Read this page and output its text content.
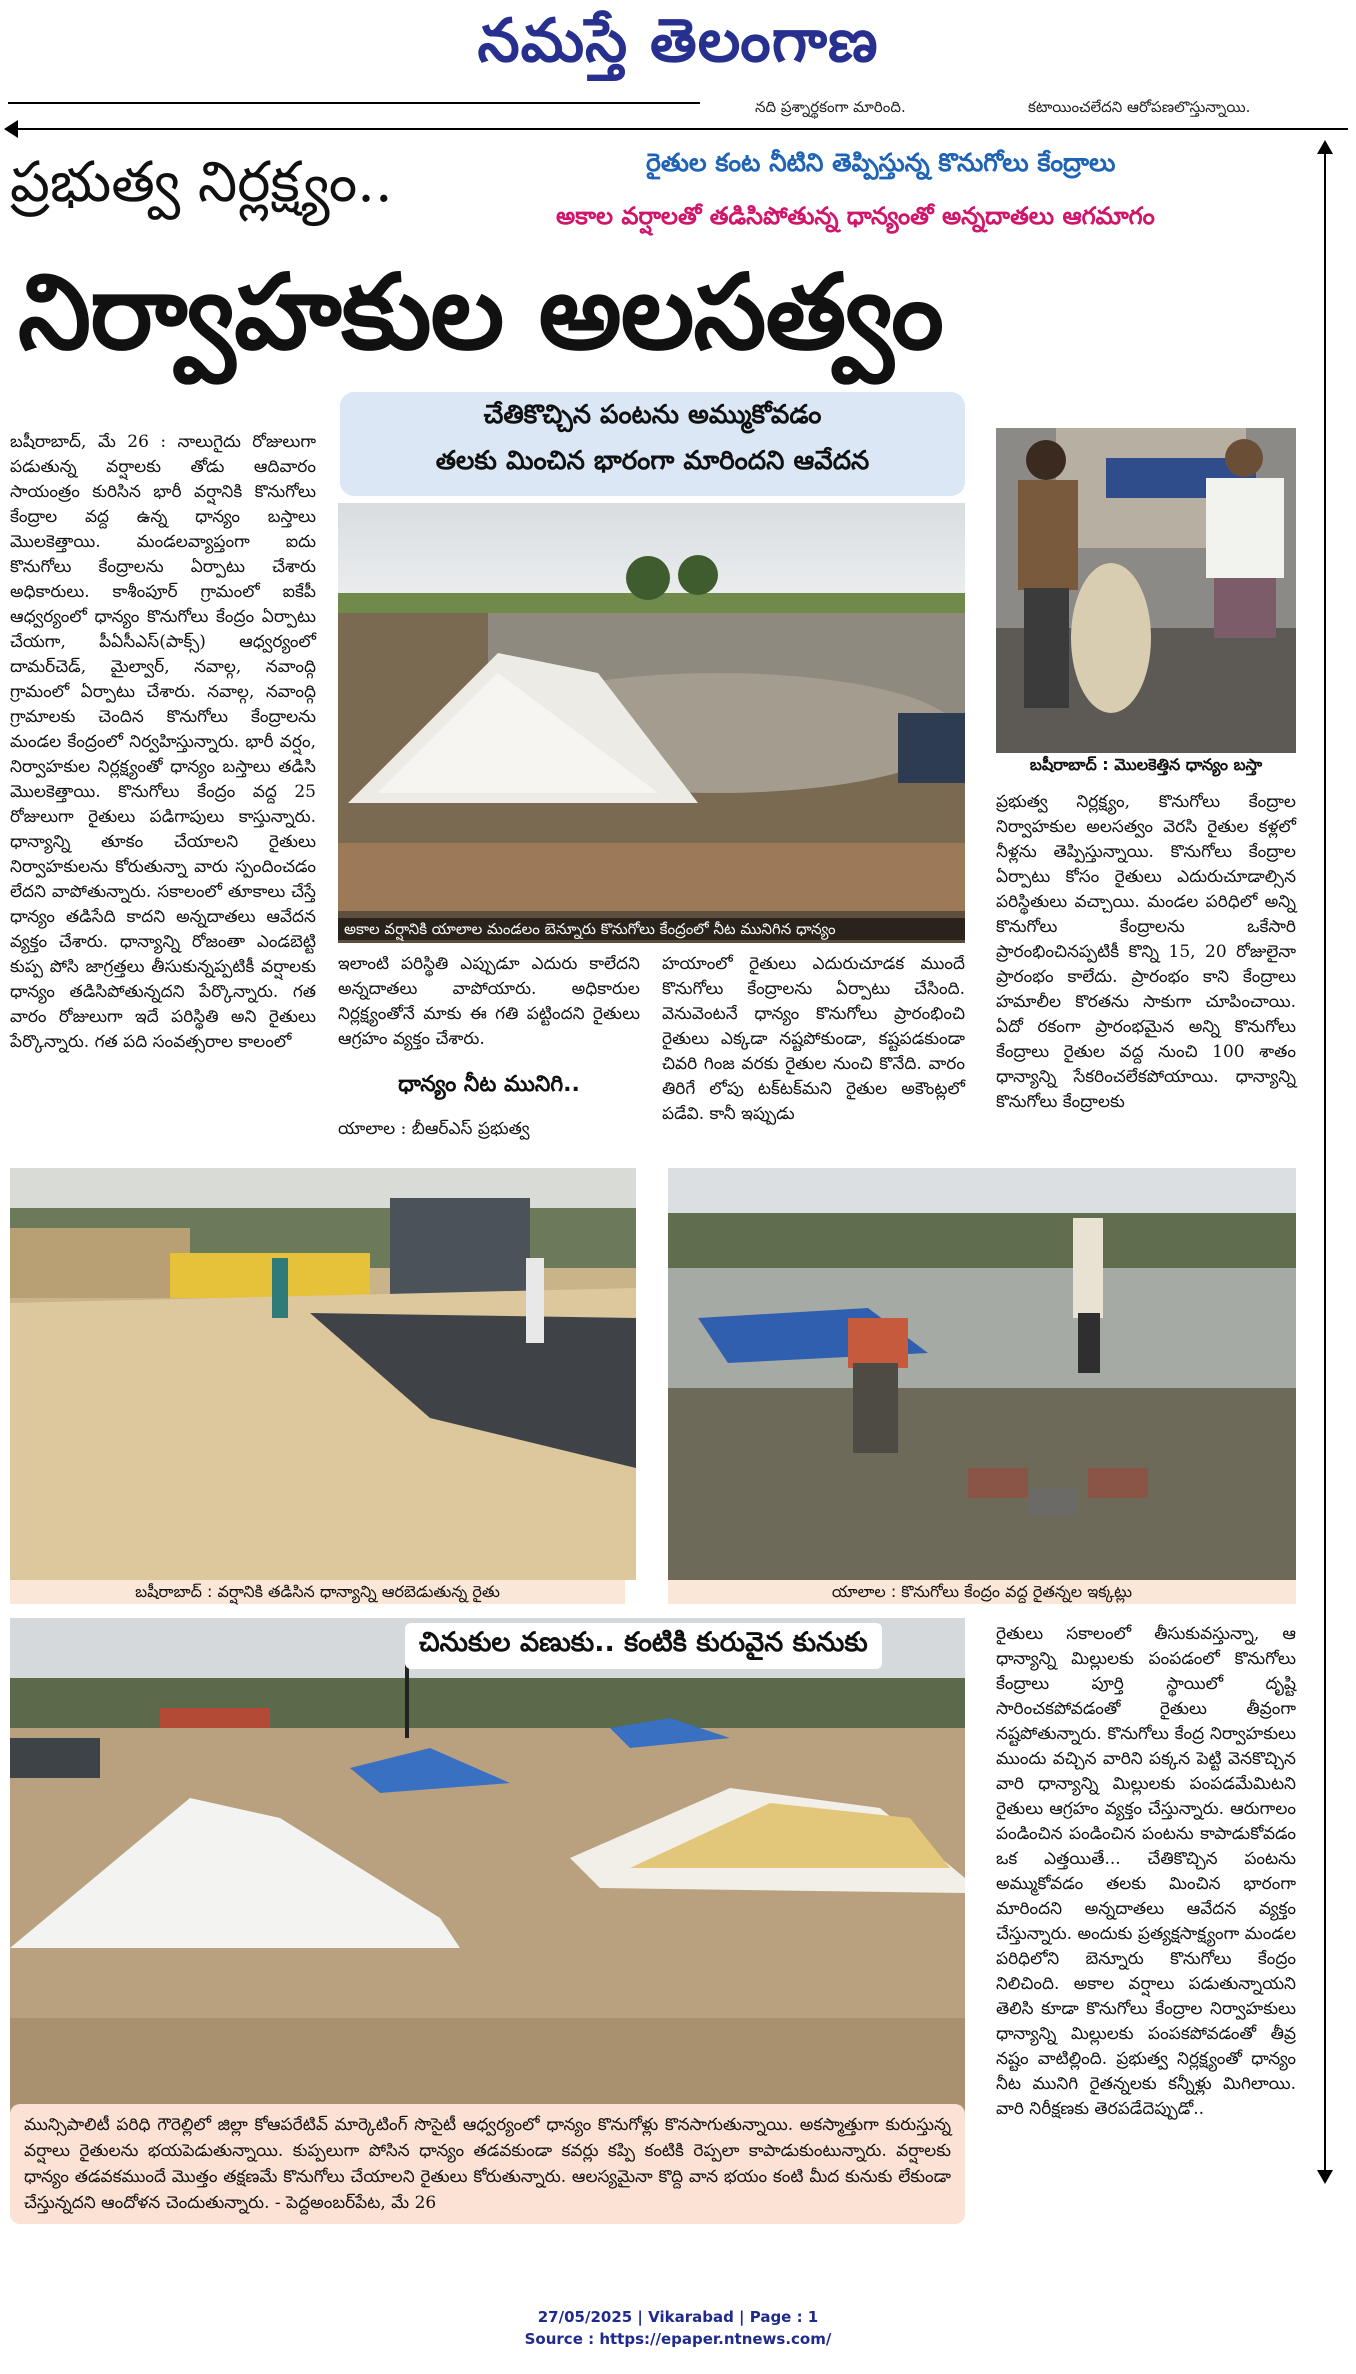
నమస్తే తెలంగాణ
నది ప్రశ్నార్థకంగా మారింది.	కటాయించలేదని ఆరోపణలొస్తున్నాయి.
ప్రభుత్వ నిర్లక్ష్యం..	రైతుల కంట నీటిని తెప్పిస్తున్న కొనుగోలు కేంద్రాలు
అకాల వర్షాలతో తడిసిపోతున్న ధాన్యంతో అన్నదాతలు ఆగమాగం
నిర్వాహకుల అలసత్వం
చేతికొచ్చిన పంటను అమ్ముకోవడం
తలకు మించిన భారంగా మారిందని ఆవేదన

బషీరాబాద్, మే 26 : నాలుగైదు రోజులుగా పడుతున్న వర్షాలకు తోడు ఆదివారం సాయంత్రం కురిసిన భారీ వర్షానికి కొనుగోలు కేంద్రాల వద్ద ఉన్న ధాన్యం బస్తాలు మొలకెత్తాయి. మండలవ్యాప్తంగా ఐదు కొనుగోలు కేంద్రాలను ఏర్పాటు చేశారు అధికారులు. కాశీంపూర్ గ్రామంలో ఐకేపీ ఆధ్వర్యంలో ధాన్యం కొనుగోలు కేంద్రం ఏర్పాటు చేయగా, పీఏసీఎస్(పాక్స్) ఆధ్వర్యంలో దామర్‌చెడ్, మైల్వార్, నవాల్గ, నవాంద్గి గ్రామంలో ఏర్పాటు చేశారు. నవాల్గ, నవాంద్గి గ్రామాలకు చెందిన కొనుగోలు కేంద్రాలను మండల కేంద్రంలో నిర్వహిస్తున్నారు. భారీ వర్షం, నిర్వాహకుల నిర్లక్ష్యంతో ధాన్యం బస్తాలు తడిసి మొలకెత్తాయి. కొనుగోలు కేంద్రం వద్ద 25 రోజులుగా రైతులు పడిగాపులు కాస్తున్నారు. ధాన్యాన్ని తూకం చేయాలని రైతులు నిర్వాహకులను కోరుతున్నా వారు స్పందించడం లేదని వాపోతున్నారు. సకాలంలో తూకాలు చేస్తే ధాన్యం తడిసేది కాదని అన్నదాతలు ఆవేదన వ్యక్తం చేశారు. ధాన్యాన్ని రోజంతా ఎండబెట్టి కుప్ప పోసి జాగ్రత్తలు తీసుకున్నప్పటికీ వర్షాలకు ధాన్యం తడిసిపోతున్నదని పేర్కొన్నారు. గత వారం రోజులుగా ఇదే పరిస్థితి అని రైతులు పేర్కొన్నారు. గత పది సంవత్సరాల కాలంలో

అకాల వర్షానికి యాలాల మండలం బెన్నూరు కొనుగోలు కేంద్రంలో నీట మునిగిన ధాన్యం
బషీరాబాద్ : మొలకెత్తిన ధాన్యం బస్తా

ఇలాంటి పరిస్థితి ఎప్పుడూ ఎదురు కాలేదని అన్నదాతలు వాపోయారు. అధికారుల నిర్లక్ష్యంతోనే మాకు ఈ గతి పట్టిందని రైతులు ఆగ్రహం వ్యక్తం చేశారు.

ధాన్యం నీట మునిగి..

యాలాల : బీఆర్‌ఎస్ ప్రభుత్వ

హయాంలో రైతులు ఎదురుచూడక ముందే కొనుగోలు కేంద్రాలను ఏర్పాటు చేసింది. వెనువెంటనే ధాన్యం కొనుగోలు ప్రారంభించి రైతులు ఎక్కడా నష్టపోకుండా, కష్టపడకుండా చివరి గింజ వరకు రైతుల నుంచి కొనేది. వారం తిరిగే లోపు టక్‌టక్‌మని రైతుల అకౌంట్లలో పడేవి. కానీ ఇప్పుడు

ప్రభుత్వ నిర్లక్ష్యం, కొనుగోలు కేంద్రాల నిర్వాహకుల అలసత్వం వెరసి రైతుల కళ్లలో నీళ్లను తెప్పిస్తున్నాయి. కొనుగోలు కేంద్రాల ఏర్పాటు కోసం రైతులు ఎదురుచూడాల్సిన పరిస్థితులు వచ్చాయి. మండల పరిధిలో అన్ని కొనుగోలు కేంద్రాలను ఒకేసారి ప్రారంభించినప్పటికీ కొన్ని 15, 20 రోజులైనా ప్రారంభం కాలేదు. ప్రారంభం కాని కేంద్రాలు హమాలీల కొరతను సాకుగా చూపించాయి. ఏదో రకంగా ప్రారంభమైన అన్ని కొనుగోలు కేంద్రాలు రైతుల వద్ద నుంచి 100 శాతం ధాన్యాన్ని సేకరించలేకపోయాయి. ధాన్యాన్ని కొనుగోలు కేంద్రాలకు

బషీరాబాద్ : వర్షానికి తడిసిన ధాన్యాన్ని ఆరబెడుతున్న రైతు	యాలాల : కొనుగోలు కేంద్రం వద్ద రైతన్నల ఇక్కట్లు
చినుకుల వణుకు.. కంటికి కురువైన కునుకు
మున్సిపాలిటీ పరిధి గౌరెల్లిలో జిల్లా కోఆపరేటివ్ మార్కెటింగ్ సొసైటీ ఆధ్వర్యంలో ధాన్యం కొనుగోళ్లు కొనసాగుతున్నాయి. అకస్మాత్తుగా కురుస్తున్న వర్షాలు రైతులను భయపెడుతున్నాయి. కుప్పలుగా పోసిన ధాన్యం తడవకుండా కవర్లు కప్పి కంటికి రెప్పలా కాపాడుకుంటున్నారు. వర్షాలకు ధాన్యం తడవకముందే మొత్తం తక్షణమే కొనుగోలు చేయాలని రైతులు కోరుతున్నారు. ఆలస్యమైనా కొద్ది వాన భయం కంటి మీద కునుకు లేకుండా చేస్తున్నదని ఆందోళన చెందుతున్నారు. - పెద్దఅంబర్‌పేట, మే 26

రైతులు సకాలంలో తీసుకువస్తున్నా, ఆ ధాన్యాన్ని మిల్లులకు పంపడంలో కొనుగోలు కేంద్రాలు పూర్తి స్థాయిలో దృష్టి సారించకపోవడంతో రైతులు తీవ్రంగా నష్టపోతున్నారు. కొనుగోలు కేంద్ర నిర్వాహకులు ముందు వచ్చిన వారిని పక్కన పెట్టి వెనకొచ్చిన వారి ధాన్యాన్ని మిల్లులకు పంపడమేమిటని రైతులు ఆగ్రహం వ్యక్తం చేస్తున్నారు. ఆరుగాలం పండించిన పండించిన పంటను కాపాడుకోవడం ఒక ఎత్తయితే... చేతికొచ్చిన పంటను అమ్ముకోవడం తలకు మించిన భారంగా మారిందని అన్నదాతలు ఆవేదన వ్యక్తం చేస్తున్నారు. అందుకు ప్రత్యక్షసాక్ష్యంగా మండల పరిధిలోని బెన్నూరు కొనుగోలు కేంద్రం నిలిచింది. అకాల వర్షాలు పడుతున్నాయని తెలిసి కూడా కొనుగోలు కేంద్రాల నిర్వాహకులు ధాన్యాన్ని మిల్లులకు పంపకపోవడంతో తీవ్ర నష్టం వాటిల్లింది. ప్రభుత్వ నిర్లక్ష్యంతో ధాన్యం నీట మునిగి రైతన్నలకు కన్నీళ్లు మిగిలాయి. వారి నిరీక్షణకు తెరపడేదెప్పుడో..

27/05/2025 | Vikarabad | Page : 1
Source : https://epaper.ntnews.com/
